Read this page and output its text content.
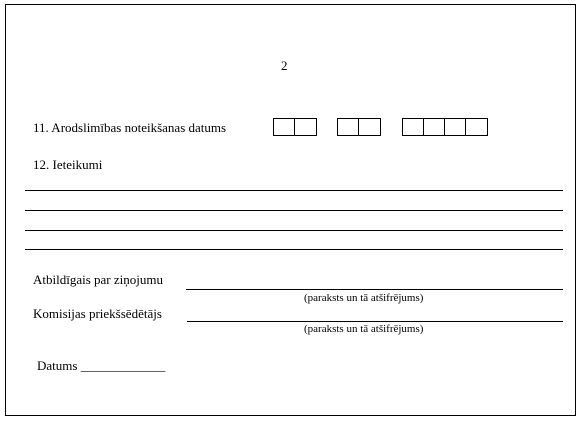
2
11. Arodslimības noteikšanas datums
12. Ieteikumi
Atbildīgais par ziņojumu
(paraksts un tā atšifrējums)
Komisijas priekšsēdētājs
(paraksts un tā atšifrējums)
Datums _____________
